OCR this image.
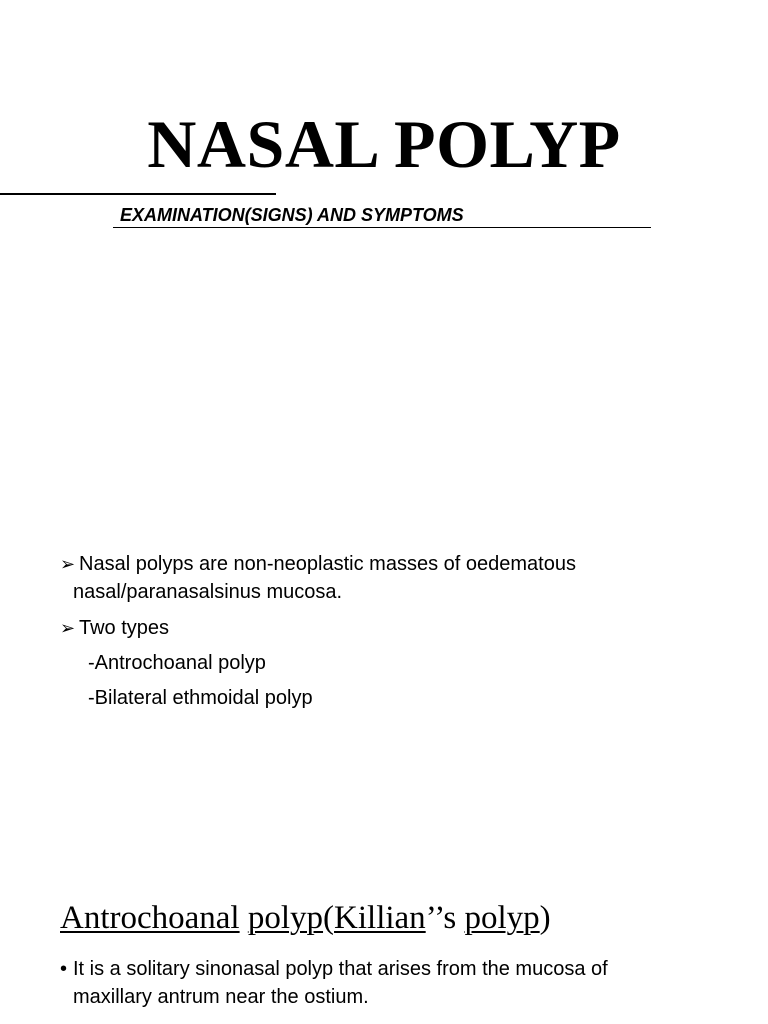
NASAL POLYP
EXAMINATION(SIGNS) AND SYMPTOMS
➢ Nasal polyps are non-neoplastic masses of oedematous
nasal/paranasalsinus mucosa.
➢ Two types
-Antrochoanal polyp
-Bilateral ethmoidal polyp
Antrochoanal polyp(Killian’’s polyp)
• It is a solitary sinonasal polyp that arises from the mucosa of
maxillary antrum near the ostium.
